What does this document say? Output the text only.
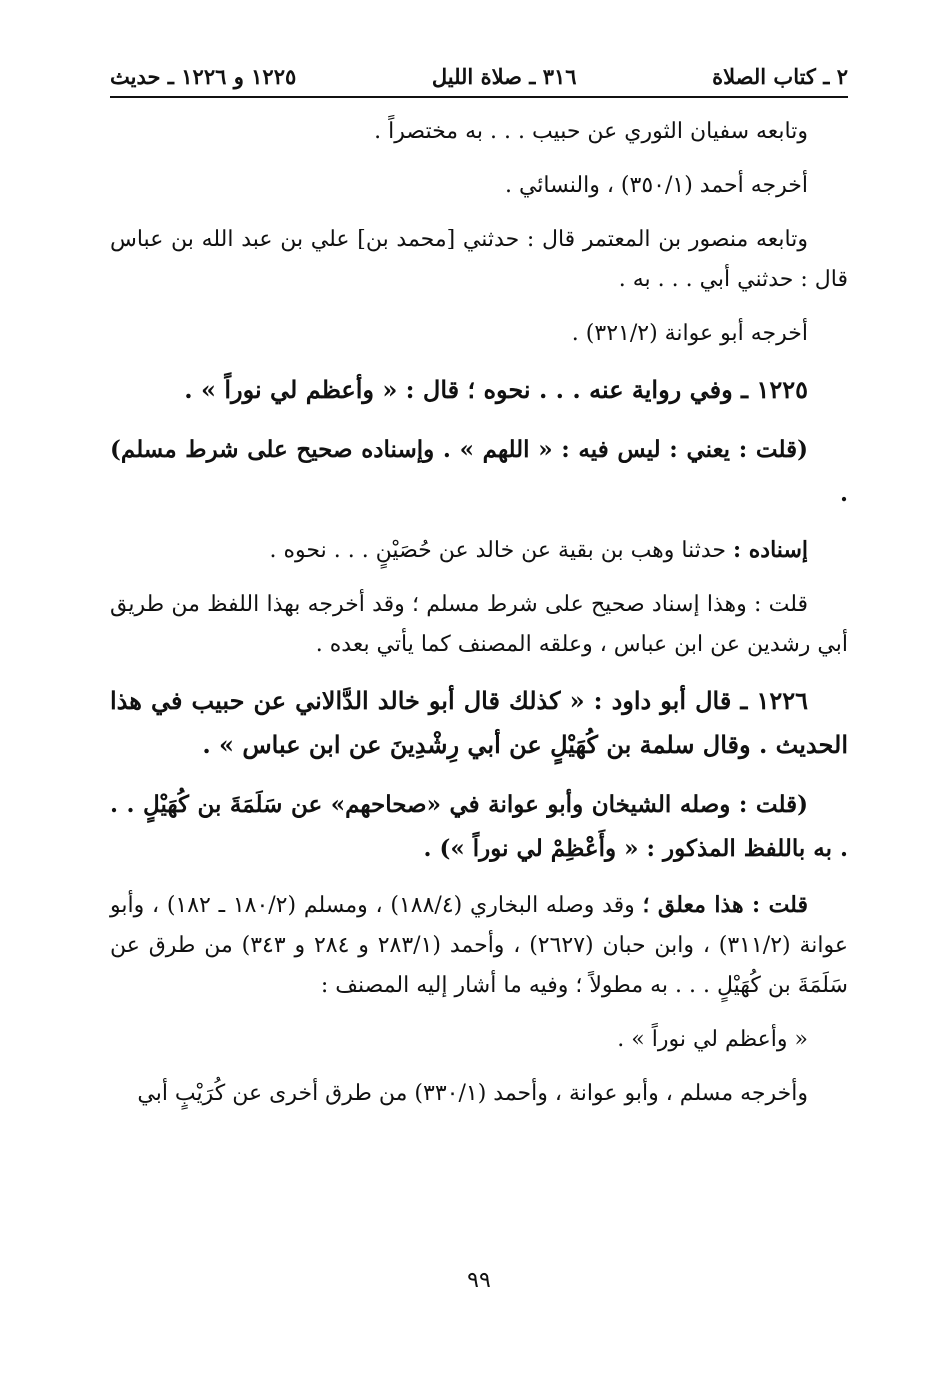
٢ ـ كتاب الصلاة
٣١٦ ـ صلاة الليل
١٢٢٥ و ١٢٢٦ ـ حديث

وتابعه سفيان الثوري عن حبيب . . . به مختصراً .

أخرجه أحمد (٣٥٠/١) ، والنسائي .

وتابعه منصور بن المعتمر قال : حدثني [محمد بن] علي بن عبد الله بن عباس قال : حدثني أبي . . . به .

أخرجه أبو عوانة (٣٢١/٢) .

١٢٢٥ ـ وفي رواية عنه . . . نحوه ؛ قال : « وأعظم لي نوراً » .

(قلت : يعني : ليس فيه : « اللهم » . وإسناده صحيح على شرط مسلم) .

إسناده : حدثنا وهب بن بقية عن خالد عن حُصَيْنٍ . . . نحوه .

قلت : وهذا إسناد صحيح على شرط مسلم ؛ وقد أخرجه بهذا اللفظ من طريق أبي رشدين عن ابن عباس ، وعلقه المصنف كما يأتي بعده .

١٢٢٦ ـ قال أبو داود : « كذلك قال أبو خالد الدَّالاني عن حبيب في هذا الحديث . وقال سلمة بن كُهَيْلٍ عن أبي رِشْدِينَ عن ابن عباس » .

(قلت : وصله الشيخان وأبو عوانة في «صحاحهم» عن سَلَمَةَ بن كُهَيْلٍ . . . به باللفظ المذكور : « وأَعْظِمْ لي نوراً ») .

قلت : هذا معلق ؛ وقد وصله البخاري (١٨٨/٤) ، ومسلم (١٨٠/٢ ـ ١٨٢) ، وأبو عوانة (٣١١/٢) ، وابن حبان (٢٦٢٧) ، وأحمد (٢٨٣/١ و ٢٨٤ و ٣٤٣) من طرق عن سَلَمَةَ بن كُهَيْلٍ . . . به مطولاً ؛ وفيه ما أشار إليه المصنف :

« وأعظم لي نوراً » .

وأخرجه مسلم ، وأبو عوانة ، وأحمد (٣٣٠/١) من طرق أخرى عن كُرَيْبٍ أبي

٩٩
